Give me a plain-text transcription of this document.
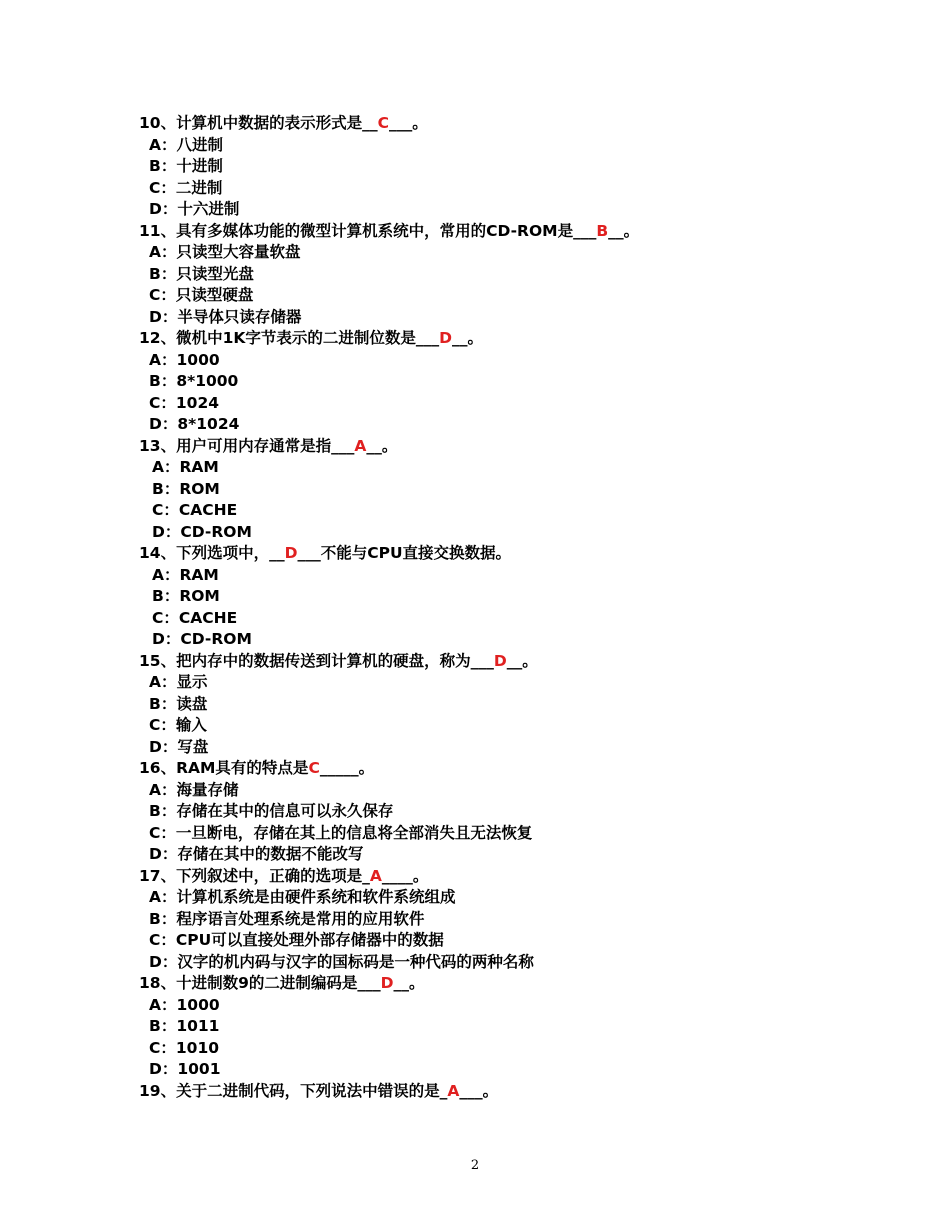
10、计算机中数据的表示形式是__C___。
A：八进制
B：十进制
C：二进制
D：十六进制
11、具有多媒体功能的微型计算机系统中，常用的CD-ROM是___B__。
A：只读型大容量软盘
B：只读型光盘
C：只读型硬盘
D：半导体只读存储器
12、微机中1K字节表示的二进制位数是___D__。
A：1000
B：8*1000
C：1024
D：8*1024
13、用户可用内存通常是指___A__。
A：RAM
B：ROM
C：CACHE
D：CD-ROM
14、下列选项中，__D___不能与CPU直接交换数据。
A：RAM
B：ROM
C：CACHE
D：CD-ROM
15、把内存中的数据传送到计算机的硬盘，称为___D__。
A：显示
B：读盘
C：输入
D：写盘
16、RAM具有的特点是C_____。
A：海量存储
B：存储在其中的信息可以永久保存
C：一旦断电，存储在其上的信息将全部消失且无法恢复
D：存储在其中的数据不能改写
17、下列叙述中，正确的选项是_A____。
A：计算机系统是由硬件系统和软件系统组成
B：程序语言处理系统是常用的应用软件
C：CPU可以直接处理外部存储器中的数据
D：汉字的机内码与汉字的国标码是一种代码的两种名称
18、十进制数9的二进制编码是___D__。
A：1000
B：1011
C：1010
D：1001
19、关于二进制代码，下列说法中错误的是_A___。
2
